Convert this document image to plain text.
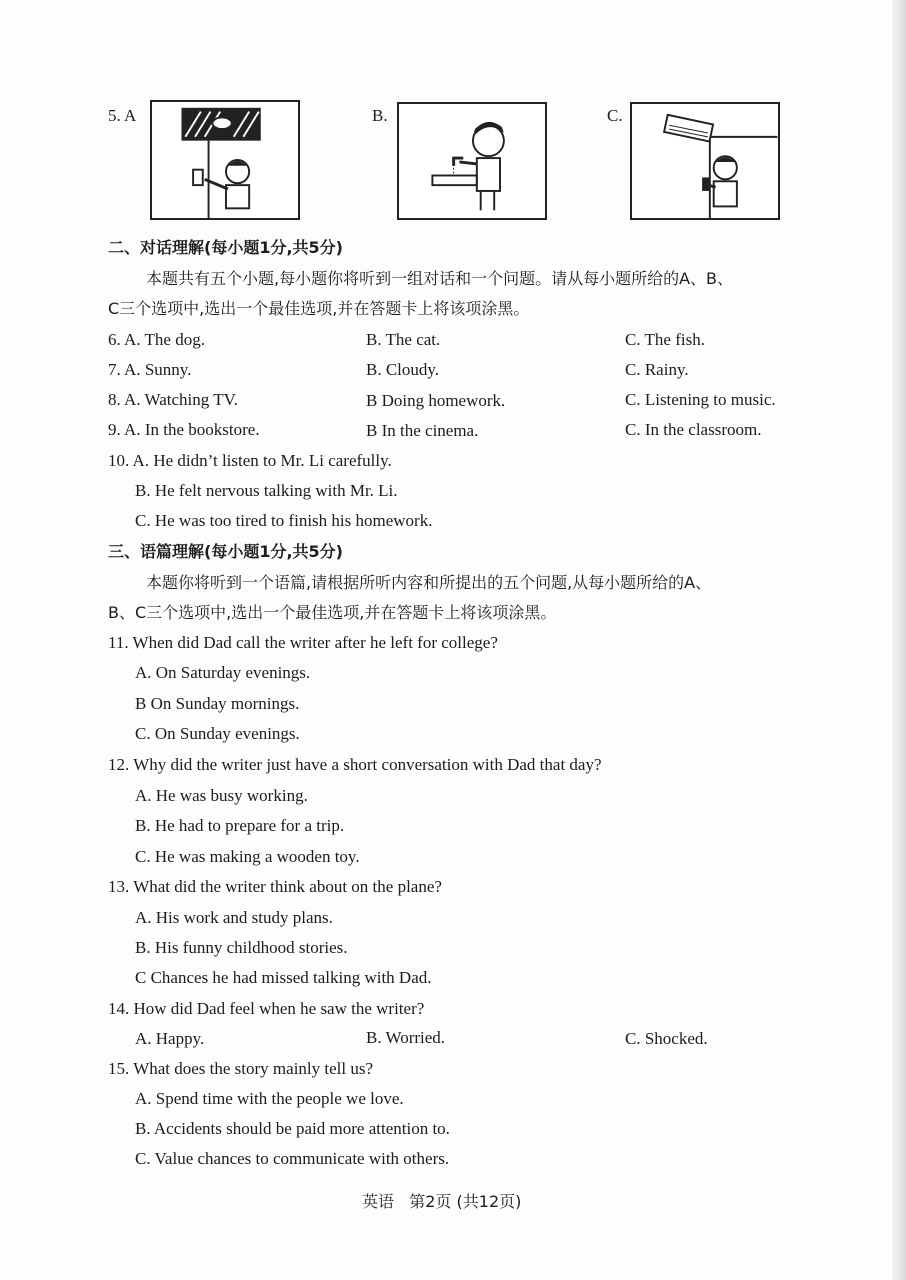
5. A	B.	C.
二、对话理解(每小题1分,共5分)
本题共有五个小题,每小题你将听到一组对话和一个问题。请从每小题所给的A、B、
C三个选项中,选出一个最佳选项,并在答题卡上将该项涂黑。
6. A. The dog.	B. The cat.	C. The fish.
7. A. Sunny.	B. Cloudy.	C. Rainy.
8. A. Watching TV.	B Doing homework.	C. Listening to music.
9. A. In the bookstore.	B In the cinema.	C. In the classroom.
10. A. He didn’t listen to Mr. Li carefully.
B. He felt nervous talking with Mr. Li.
C. He was too tired to finish his homework.
三、语篇理解(每小题1分,共5分)
本题你将听到一个语篇,请根据所听内容和所提出的五个问题,从每小题所给的A、
B、C三个选项中,选出一个最佳选项,并在答题卡上将该项涂黑。
11. When did Dad call the writer after he left for college?
A. On Saturday evenings.
B On Sunday mornings.
C. On Sunday evenings.
12. Why did the writer just have a short conversation with Dad that day?
A. He was busy working.
B. He had to prepare for a trip.
C. He was making a wooden toy.
13. What did the writer think about on the plane?
A. His work and study plans.
B. His funny childhood stories.
C Chances he had missed talking with Dad.
14. How did Dad feel when he saw the writer?
A. Happy.	B. Worried.	C. Shocked.
15. What does the story mainly tell us?
A. Spend time with the people we love.
B. Accidents should be paid more attention to.
C. Value chances to communicate with others.
英语   第2页 (共12页)
